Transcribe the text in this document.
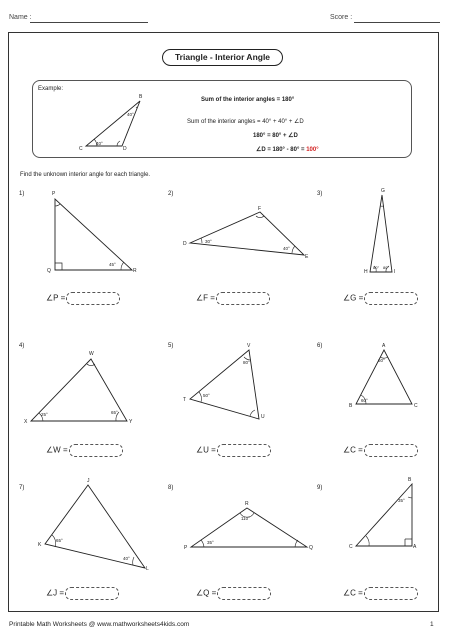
Name :	Score :
Triangle - Interior Angle
Example:
Sum of the interior angles = 180°
Sum of the interior angles = 40° + 40° + ∠D
180° = 80° + ∠D
∠D = 180° - 80° = 100°
B
C	D
40°
40°
Find the unknown interior angle for each triangle.
1)	P
Q	R
45°
∠P =
2)
D
E
F
30°
40°
∠F =
3)	G
H	I
80° 80°
∠G =
4)
W
X	Y
25°	65°
∠W =
5)	V
T
U
80°
50°
∠U =
6)	A
B	C
60°
60°
∠C =
7)
J
K
L
65°
40°
∠J =
8)
R
P	Q
110°
35°
∠Q =
9)
B
C	A
35°
∠C =
Printable Math Worksheets @ www.mathworksheets4kids.com	1
